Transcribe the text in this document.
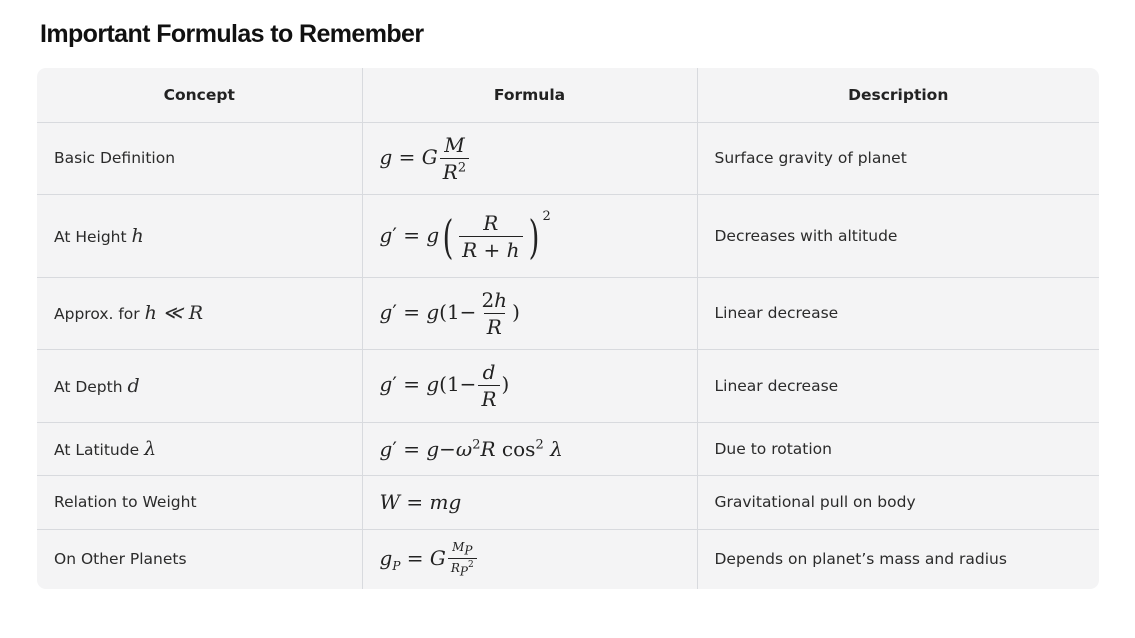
Important Formulas to Remember
Concept	Formula	Description
Basic Definition	g = G $\frac{M}{R^2}$	Surface gravity of planet
At Height h	$g' = g( \frac{R}{R + h}$ ) $^2$	Decreases with altitude
Approx. for h ≪ R	$g' = g(1- \frac{2h}{R}$ )	Linear decrease
At Depth d	$g' = g(1- \frac{d}{R}$ )	Linear decrease
At Latitude λ	$g' = g-\omega^2R$ $\cos^2 \lambda$	Due to rotation
Relation to Weight	W = mg	Gravitational pull on body
On Other Planets	$g_P = G \frac{M_P}{R_P^2}$	Depends on planet’s mass and radius
